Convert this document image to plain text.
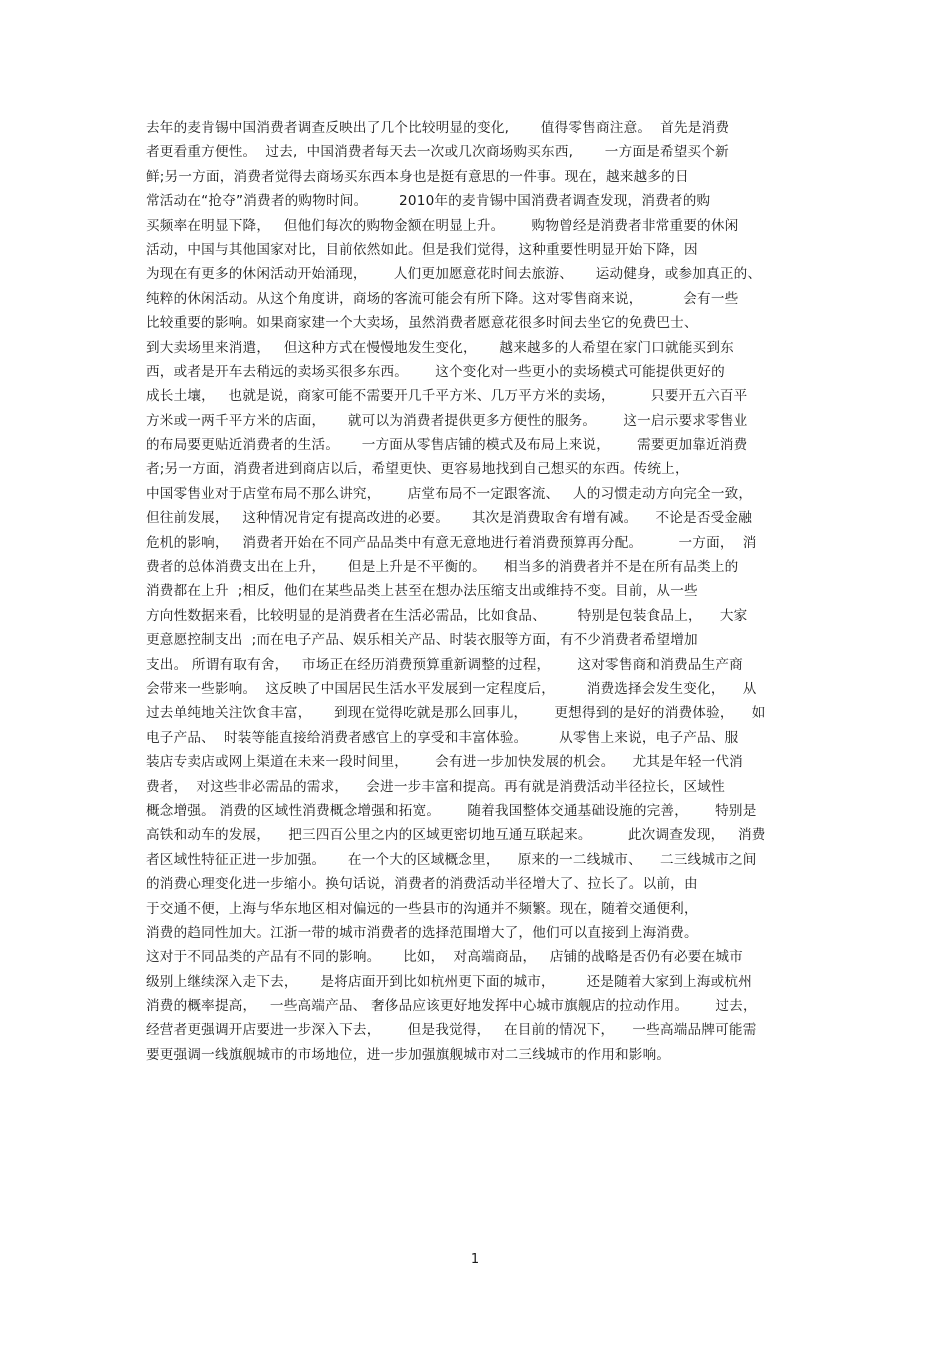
去年的麦肯锡中国消费者调查反映出了几个比较明显的变化,       值得零售商注意。  首先是消费
者更看重方便性。  过去,  中国消费者每天去一次或几次商场购买东西,       一方面是希望买个新
鲜;另一方面，消费者觉得去商场买东西本身也是挺有意思的一件事。现在，越来越多的日
常活动在“抢夺”消费者的购物时间。       2010年的麦肯锡中国消费者调查发现，消费者的购
买频率在明显下降，   但他们每次的购物金额在明显上升。      购物曾经是消费者非常重要的休闲
活动，中国与其他国家对比，目前依然如此。但是我们觉得，这种重要性明显开始下降，因
为现在有更多的休闲活动开始涌现，      人们更加愿意花时间去旅游、     运动健身，或参加真正的、
纯粹的休闲活动。从这个角度讲，商场的客流可能会有所下降。这对零售商来说，         会有一些
比较重要的影响。如果商家建一个大卖场，虽然消费者愿意花很多时间去坐它的免费巴士、
到大卖场里来消遣，   但这种方式在慢慢地发生变化，     越来越多的人希望在家门口就能买到东
西，或者是开车去稍远的卖场买很多东西。      这个变化对一些更小的卖场模式可能提供更好的
成长土壤，   也就是说，商家可能不需要开几千平方米、几万平方米的卖场，        只要开五六百平
方米或一两千平方米的店面，     就可以为消费者提供更多方便性的服务。      这一启示要求零售业
的布局要更贴近消费者的生活。     一方面从零售店铺的模式及布局上来说，      需要更加靠近消费
者;另一方面，消费者进到商店以后，希望更快、更容易地找到自己想买的东西。传统上，
中国零售业对于店堂布局不那么讲究，      店堂布局不一定跟客流、   人的习惯走动方向完全一致，
但往前发展，   这种情况肯定有提高改进的必要。     其次是消费取舍有增有减。    不论是否受金融
危机的影响，   消费者开始在不同产品品类中有意无意地进行着消费预算再分配。        一方面，  消
费者的总体消费支出在上升，     但是上升是不平衡的。    相当多的消费者并不是在所有品类上的
消费都在上升  ;相反，他们在某些品类上甚至在想办法压缩支出或维持不变。目前，从一些
方向性数据来看，比较明显的是消费者在生活必需品，比如食品、       特别是包装食品上，    大家
更意愿控制支出  ;而在电子产品、娱乐相关产品、时装衣服等方面，有不少消费者希望增加
支出。 所谓有取有舍，   市场正在经历消费预算重新调整的过程，      这对零售商和消费品生产商
会带来一些影响。  这反映了中国居民生活水平发展到一定程度后，       消费选择会发生变化，    从
过去单纯地关注饮食丰富，     到现在觉得吃就是那么回事儿，      更想得到的是好的消费体验，    如
电子产品、  时装等能直接给消费者感官上的享受和丰富体验。       从零售上来说，电子产品、服
装店专卖店或网上渠道在未来一段时间里，      会有进一步加快发展的机会。    尤其是年轻一代消
费者，  对这些非必需品的需求，    会进一步丰富和提高。再有就是消费活动半径拉长，区域性
概念增强。 消费的区域性消费概念增强和拓宽。      随着我国整体交通基础设施的完善，      特别是
高铁和动车的发展，    把三四百公里之内的区域更密切地互通互联起来。        此次调查发现，   消费
者区域性特征正进一步加强。     在一个大的区域概念里，    原来的一二线城市、    二三线城市之间
的消费心理变化进一步缩小。换句话说，消费者的消费活动半径增大了、拉长了。以前，由
于交通不便，上海与华东地区相对偏远的一些县市的沟通并不频繁。现在，随着交通便利，
消费的趋同性加大。江浙一带的城市消费者的选择范围增大了，他们可以直接到上海消费。
这对于不同品类的产品有不同的影响。     比如，  对高端商品，   店铺的战略是否仍有必要在城市
级别上继续深入走下去，     是将店面开到比如杭州更下面的城市，       还是随着大家到上海或杭州
消费的概率提高，   一些高端产品、 奢侈品应该更好地发挥中心城市旗舰店的拉动作用。      过去，
经营者更强调开店要进一步深入下去，      但是我觉得，   在目前的情况下，    一些高端品牌可能需
要更强调一线旗舰城市的市场地位，进一步加强旗舰城市对二三线城市的作用和影响。
1
